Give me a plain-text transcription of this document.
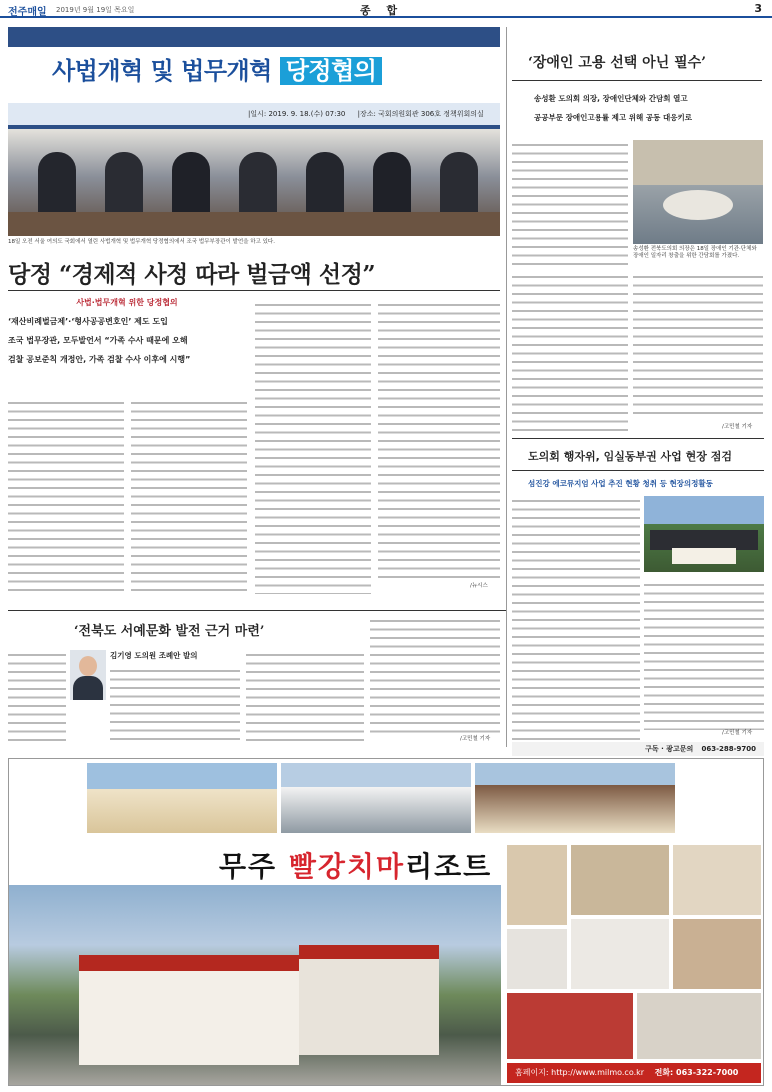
전주매일 2019년 9월 19일 목요일	종 합	3
사법개혁 및 법무개혁 당정협의
|일시: 2019. 9. 18.(수) 07:30 |장소: 국회의원회관 306호 정책위회의실
18일 오전 서울 여의도 국회에서 열린 사법개혁 및 법무개혁 당정협의에서 조국 법무부장관이 발언을 하고 있다.
당정 “경제적 사정 따라 벌금액 선정”
사법·법무개혁 위한 당정협의
‘재산비례벌금제’·‘형사공공변호인’ 제도 도입
조국 법무장관, 모두발언서 “가족 수사 때문에 오해
검찰 공보준칙 개정안, 가족 검찰 수사 이후에 시행”
/뉴시스
‘장애인 고용 선택 아닌 필수’
송성환 도의회 의장, 장애인단체와 간담회 열고
공공부문 장애인고용률 제고 위해 공동 대응키로
송성환 전북도의회 의장은 18일 장애인 기관·단체와 장애인 일자리 창출을 위한 간담회를 가졌다.
/고민철 기자
도의회 행자위, 임실동부권 사업 현장 점검
섬진강 에코뮤지엄 사업 추진 현황 청취 등 현장의정활동
/고민철 기자
구독 · 광고문의 063-288-9700
‘전북도 서예문화 발전 근거 마련’
김기영 도의원 조례안 발의
/고민철 기자
무주 빨강치마리조트
홈페이지: http://www.milmo.co.kr 전화: 063-322-7000
